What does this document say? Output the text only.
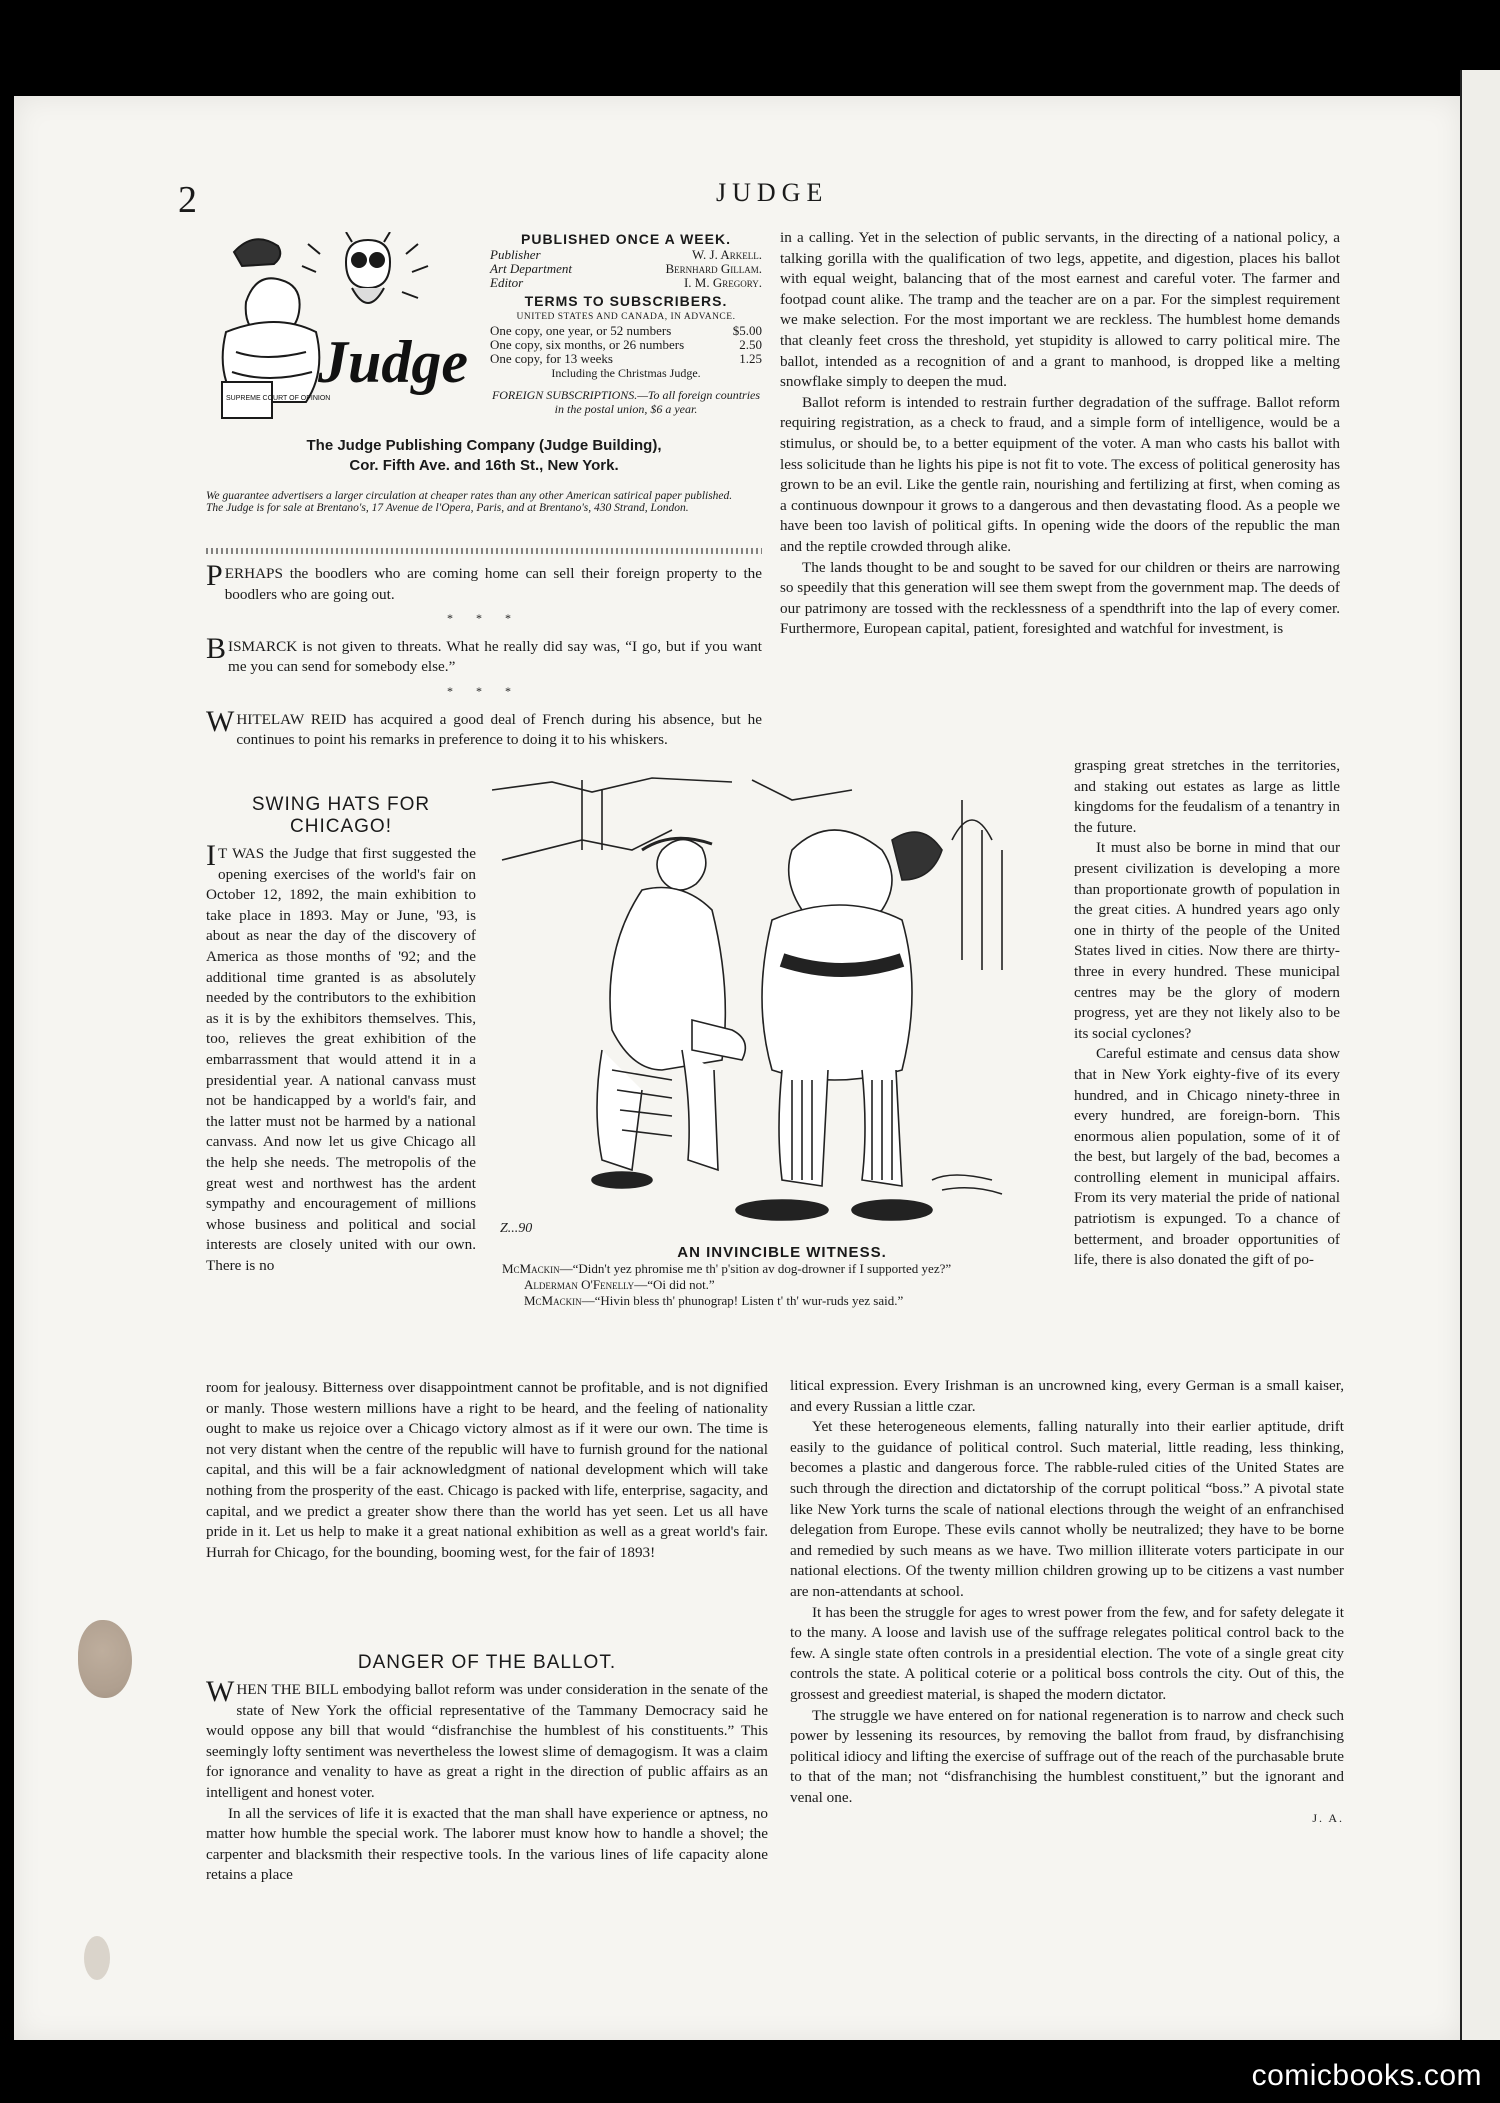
2	JUDGE
Judge
SUPREME COURT OF OPINION
PUBLISHED ONCE A WEEK.
Publisher	W. J. Arkell.
Art Department	Bernhard Gillam.
Editor	I. M. Gregory.
TERMS TO SUBSCRIBERS.
UNITED STATES AND CANADA, IN ADVANCE.
One copy, one year, or 52 numbers	$5.00
One copy, six months, or 26 numbers	2.50
One copy, for 13 weeks	1.25
Including the Christmas Judge.
FOREIGN SUBSCRIPTIONS.—To all foreign countries in the postal union, $6 a year.
The Judge Publishing Company (Judge Building),
Cor. Fifth Ave. and 16th St., New York.
We guarantee advertisers a larger circulation at cheaper rates than any other American satirical paper published.
The Judge is for sale at Brentano's, 17 Avenue de l'Opera, Paris, and at Brentano's, 430 Strand, London.

PERHAPS the boodlers who are coming home can sell their foreign property to the boodlers who are going out.

* * *

BISMARCK is not given to threats. What he really did say was, “I go, but if you want me you can send for somebody else.”

* * *

WHITELAW REID has acquired a good deal of French during his absence, but he continues to point his remarks in preference to doing it to his whiskers.

SWING HATS FOR CHICAGO!

I T WAS the Judge that first suggested the opening exercises of the world's fair on October 12, 1892, the main exhibition to take place in 1893. May or June, '93, is about as near the day of the discovery of America as those months of '92; and the additional time granted is as absolutely needed by the contributors to the exhibition as it is by the exhibitors themselves. This, too, relieves the great exhibition of the embarrassment that would attend it in a presidential year. A national canvass must not be handicapped by a world's fair, and the latter must not be harmed by a national canvass. And now let us give Chicago all the help she needs. The metropolis of the great west and northwest has the ardent sympathy and encouragement of millions whose business and political and social interests are closely united with our own. There is no

Z...90

in a calling. Yet in the selection of public servants, in the directing of a national policy, a talking gorilla with the qualification of two legs, appetite, and digestion, places his ballot with equal weight, balancing that of the most earnest and careful voter. The farmer and footpad count alike. The tramp and the teacher are on a par. For the simplest requirement we make selection. For the most important we are reckless. The humblest home demands that cleanly feet cross the threshold, yet stupidity is allowed to carry political mire. The ballot, intended as a recognition of and a grant to manhood, is dropped like a melting snowflake simply to deepen the mud.

Ballot reform is intended to restrain further degradation of the suffrage. Ballot reform requiring registration, as a check to fraud, and a simple form of intelligence, would be a stimulus, or should be, to a better equipment of the voter. A man who casts his ballot with less solicitude than he lights his pipe is not fit to vote. The excess of political generosity has grown to be an evil. Like the gentle rain, nourishing and fertilizing at first, when coming as a continuous downpour it grows to a dangerous and then devastating flood. As a people we have been too lavish of political gifts. In opening wide the doors of the republic the man and the reptile crowded through alike.

The lands thought to be and sought to be saved for our children or theirs are narrowing so speedily that this generation will see them swept from the government map. The deeds of our patrimony are tossed with the recklessness of a spendthrift into the lap of every comer. Furthermore, European capital, patient, foresighted and watchful for investment, is

grasping great stretches in the territories, and staking out estates as large as little kingdoms for the feudalism of a tenantry in the future.

It must also be borne in mind that our present civilization is developing a more than proportionate growth of population in the great cities. A hundred years ago only one in thirty of the people of the United States lived in cities. Now there are thirty-three in every hundred. These municipal centres may be the glory of modern progress, yet are they not likely also to be its social cyclones?

Careful estimate and census data show that in New York eighty-five of its every hundred, and in Chicago ninety-three in every hundred, are foreign-born. This enormous alien population, some of it of the best, but largely of the bad, becomes a controlling element in municipal affairs. From its very material the pride of national patriotism is expunged. To a chance of betterment, and broader opportunities of life, there is also donated the gift of po-

AN INVINCIBLE WITNESS.
McMackin—“Didn't yez phromise me th' p'sition av dog-drowner if I supported yez?”
Alderman O'Fenelly—“Oi did not.”
McMackin—“Hivin bless th' phunograp! Listen t' th' wur-ruds yez said.”

room for jealousy. Bitterness over disappointment cannot be profitable, and is not dignified or manly. Those western millions have a right to be heard, and the feeling of nationality ought to make us rejoice over a Chicago victory almost as if it were our own. The time is not very distant when the centre of the republic will have to furnish ground for the national capital, and this will be a fair acknowledgment of national development which will take nothing from the prosperity of the east. Chicago is packed with life, enterprise, sagacity, and capital, and we predict a greater show there than the world has yet seen. Let us all have pride in it. Let us help to make it a great national exhibition as well as a great world's fair. Hurrah for Chicago, for the bounding, booming west, for the fair of 1893!

DANGER OF THE BALLOT.

WHEN THE BILL embodying ballot reform was under consideration in the senate of the state of New York the official representative of the Tammany Democracy said he would oppose any bill that would “disfranchise the humblest of his constituents.” This seemingly lofty sentiment was nevertheless the lowest slime of demagogism. It was a claim for ignorance and venality to have as great a right in the direction of public affairs as an intelligent and honest voter.

In all the services of life it is exacted that the man shall have experience or aptness, no matter how humble the special work. The laborer must know how to handle a shovel; the carpenter and blacksmith their respective tools. In the various lines of life capacity alone retains a place

litical expression. Every Irishman is an uncrowned king, every German is a small kaiser, and every Russian a little czar.

Yet these heterogeneous elements, falling naturally into their earlier aptitude, drift easily to the guidance of political control. Such material, little reading, less thinking, becomes a plastic and dangerous force. The rabble-ruled cities of the United States are such through the direction and dictatorship of the corrupt political “boss.” A pivotal state like New York turns the scale of national elections through the weight of an enfranchised delegation from Europe. These evils cannot wholly be neutralized; they have to be borne and remedied by such means as we have. Two million illiterate voters participate in our national elections. Of the twenty million children growing up to be citizens a vast number are non-attendants at school.

It has been the struggle for ages to wrest power from the few, and for safety delegate it to the many. A loose and lavish use of the suffrage relegates political control back to the few. A single state often controls in a presidential election. The vote of a single great city controls the state. A political coterie or a political boss controls the city. Out of this, the grossest and greediest material, is shaped the modern dictator.

The struggle we have entered on for national regeneration is to narrow and check such power by lessening its resources, by removing the ballot from fraud, by disfranchising political idiocy and lifting the exercise of suffrage out of the reach of the purchasable brute to that of the man; not “disfranchising the humblest constituent,” but the ignorant and venal one.

J. A.
comicbooks.com
